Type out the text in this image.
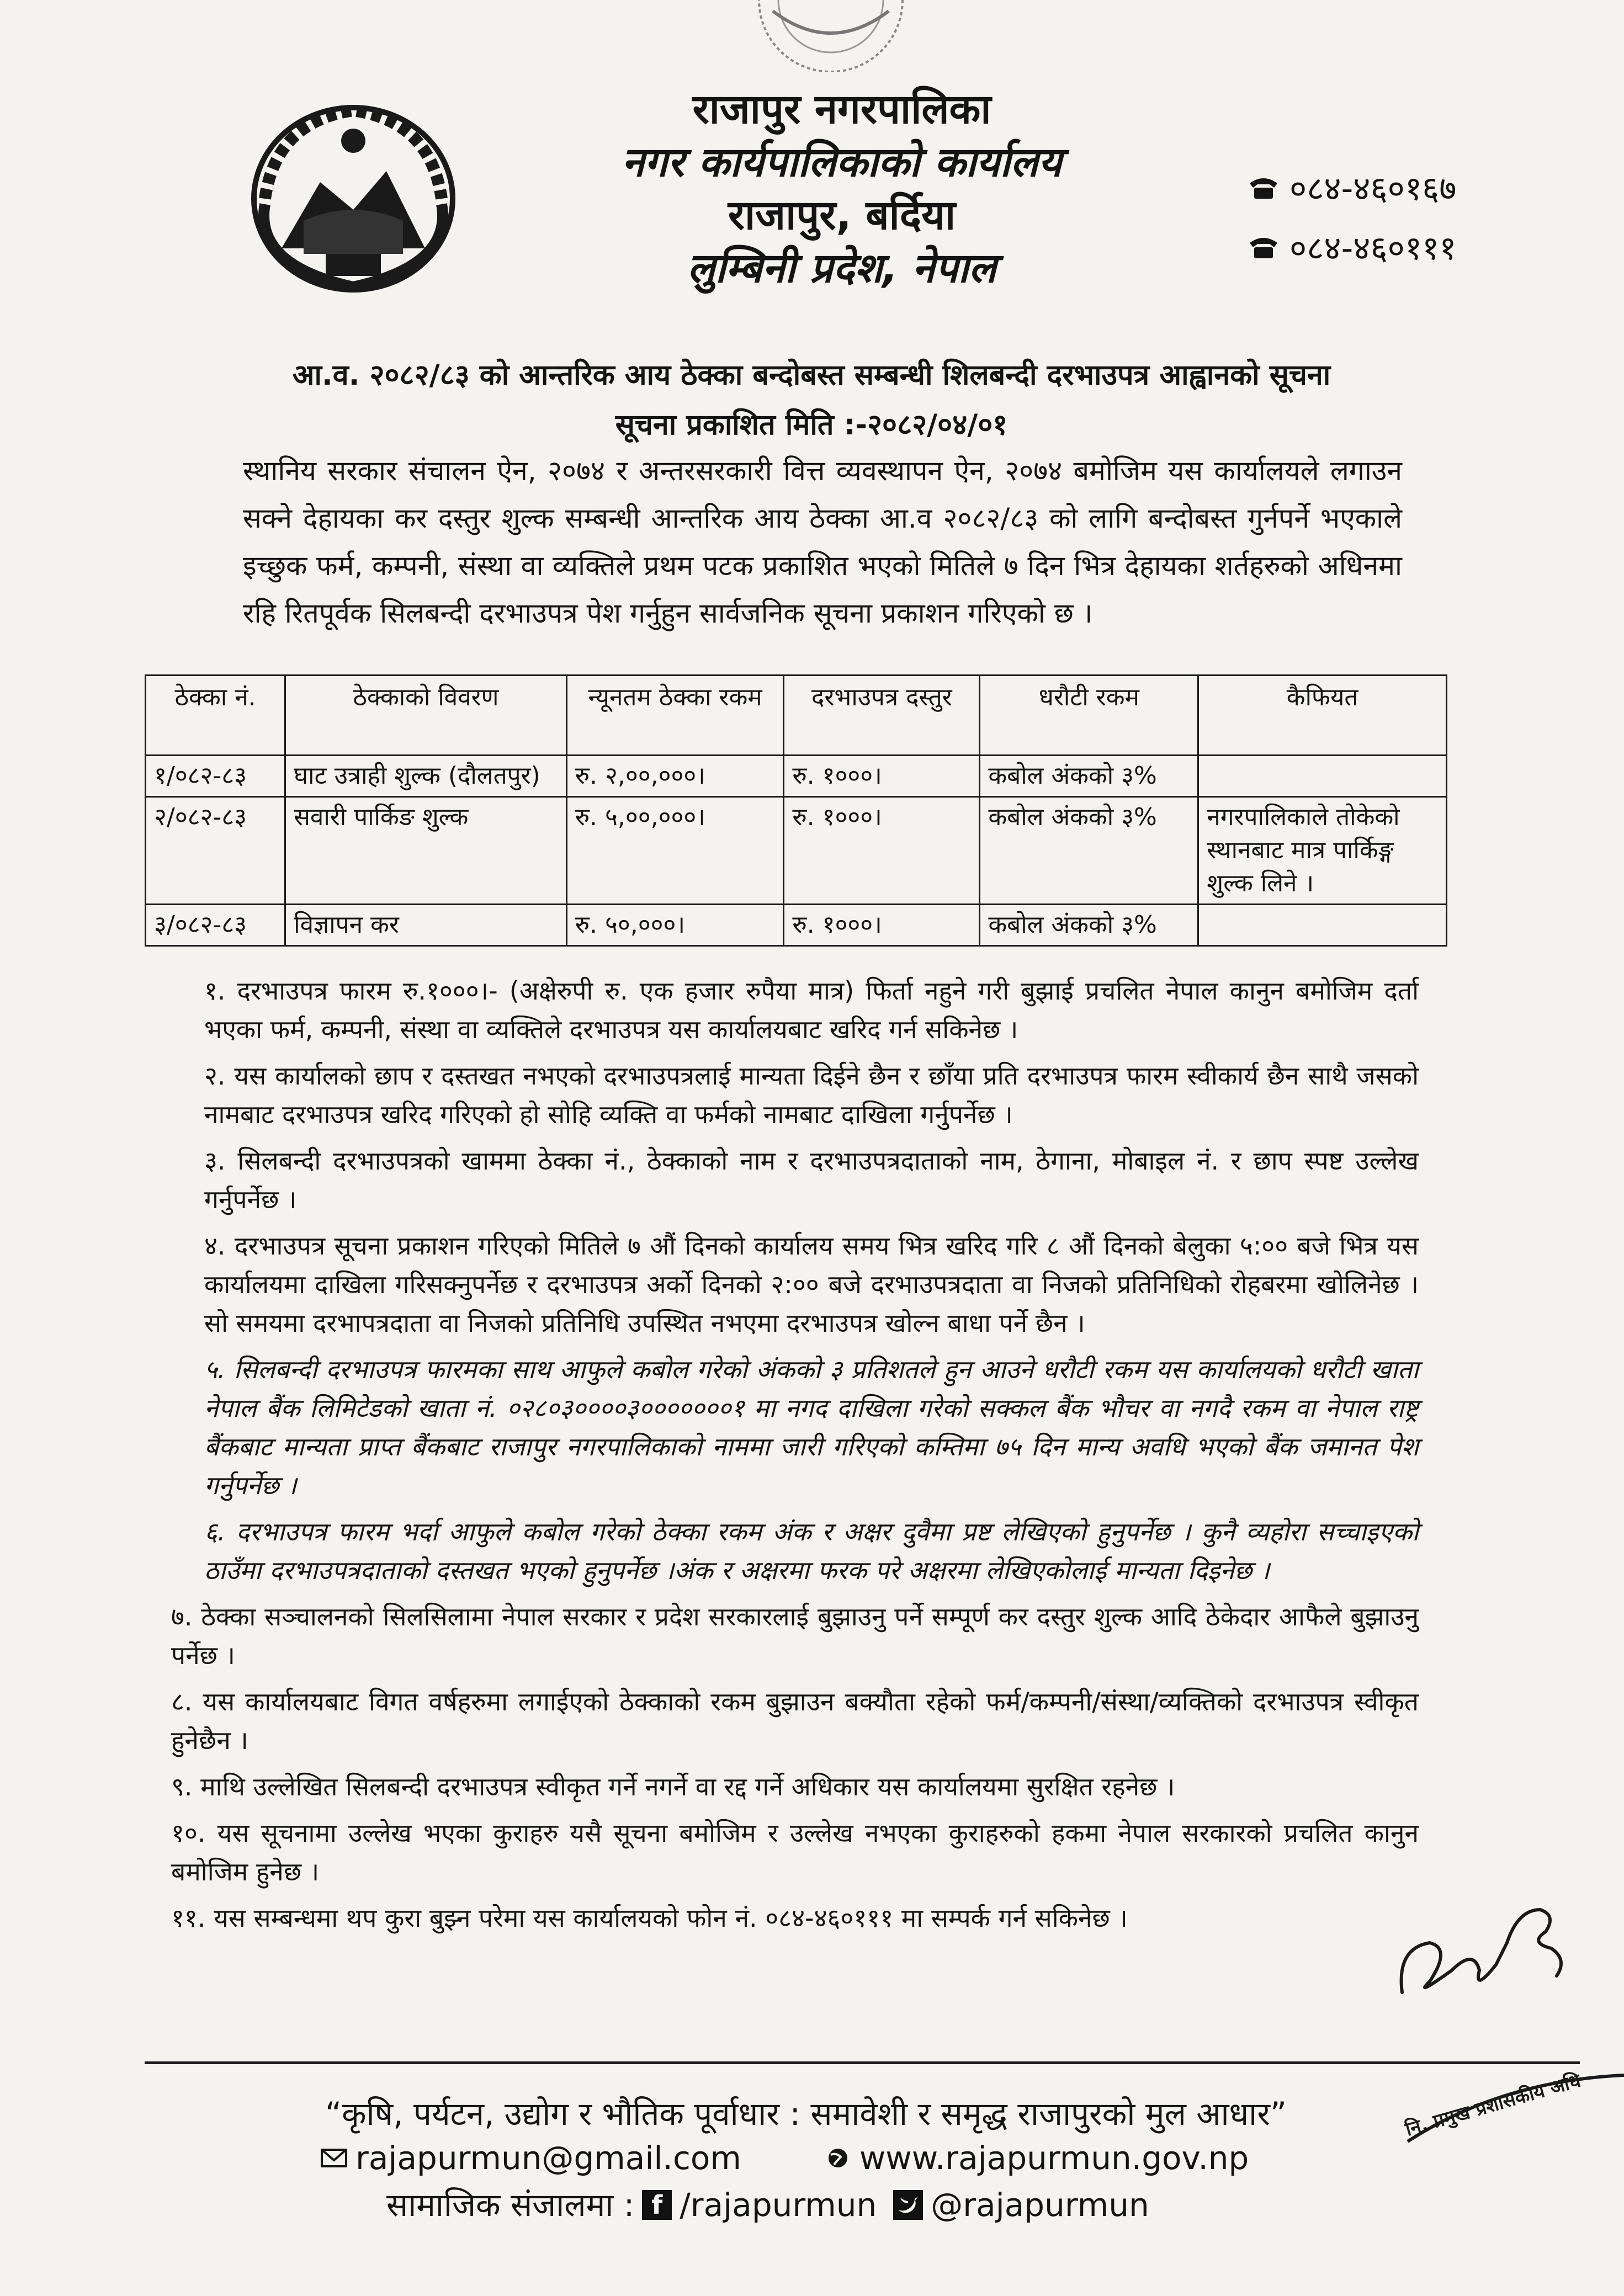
राजापुर नगरपालिका
नगर कार्यपालिकाको कार्यालय
राजापुर, बर्दिया
लुम्बिनी प्रदेश, नेपाल
०८४-४६०१६७
०८४-४६०१११
आ.व. २०८२/८३ को आन्तरिक आय ठेक्का बन्दोबस्त सम्बन्धी शिलबन्दी दरभाउपत्र आह्वानको सूचना
सूचना प्रकाशित मिति :-२०८२/०४/०१
स्थानिय सरकार संचालन ऐन, २०७४ र अन्तरसरकारी वित्त व्यवस्थापन ऐन, २०७४ बमोजिम यस कार्यालयले लगाउन सक्ने देहायका कर दस्तुर शुल्क सम्बन्धी आन्तरिक आय ठेक्का आ.व २०८२/८३ को लागि बन्दोबस्त गुर्नपर्ने भएकाले इच्छुक फर्म, कम्पनी, संस्था वा व्यक्तिले प्रथम पटक प्रकाशित भएको मितिले ७ दिन भित्र देहायका शर्तहरुको अधिनमा रहि रितपूर्वक सिलबन्दी दरभाउपत्र पेश गर्नुहुन सार्वजनिक सूचना प्रकाशन गरिएको छ ।
ठेक्का नं.	ठेक्काको विवरण	न्यूनतम ठेक्का रकम	दरभाउपत्र दस्तुर	धरौटी रकम	कैफियत
१/०८२-८३	घाट उत्राही शुल्क (दौलतपुर)	रु. २,००,०००।	रु. १०००।	कबोल अंकको ३%	
२/०८२-८३	सवारी पार्किङ शुल्क	रु. ५,००,०००।	रु. १०००।	कबोल अंकको ३%	नगरपालिकाले तोकेको स्थानबाट मात्र पार्किङ्ग शुल्क लिने ।
३/०८२-८३	विज्ञापन कर	रु. ५०,०००।	रु. १०००।	कबोल अंकको ३%	

१. दरभाउपत्र फारम रु.१०००।- (अक्षेरुपी रु. एक हजार रुपैया मात्र) फिर्ता नहुने गरी बुझाई प्रचलित नेपाल कानुन बमोजिम दर्ता भएका फर्म, कम्पनी, संस्था वा व्यक्तिले दरभाउपत्र यस कार्यालयबाट खरिद गर्न सकिनेछ ।

२. यस कार्यालको छाप र दस्तखत नभएको दरभाउपत्रलाई मान्यता दिईने छैन र छाँया प्रति दरभाउपत्र फारम स्वीकार्य छैन साथै जसको नामबाट दरभाउपत्र खरिद गरिएको हो सोहि व्यक्ति वा फर्मको नामबाट दाखिला गर्नुपर्नेछ ।

३. सिलबन्दी दरभाउपत्रको खाममा ठेक्का नं., ठेक्काको नाम र दरभाउपत्रदाताको नाम, ठेगाना, मोबाइल नं. र छाप स्पष्ट उल्लेख गर्नुपर्नेछ ।

४. दरभाउपत्र सूचना प्रकाशन गरिएको मितिले ७ औं दिनको कार्यालय समय भित्र खरिद गरि ८ औं दिनको बेलुका ५:०० बजे भित्र यस कार्यालयमा दाखिला गरिसक्नुपर्नेछ र दरभाउपत्र अर्को दिनको २:०० बजे दरभाउपत्रदाता वा निजको प्रतिनिधिको रोहबरमा खोलिनेछ । सो समयमा दरभापत्रदाता वा निजको प्रतिनिधि उपस्थित नभएमा दरभाउपत्र खोल्न बाधा पर्ने छैन ।

५. सिलबन्दी दरभाउपत्र फारमका साथ आफुले कबोल गरेको अंकको ३ प्रतिशतले हुन आउने धरौटी रकम यस कार्यालयको धरौटी खाता नेपाल बैंक लिमिटेडको खाता नं. ०२८०३००००३०००००००१ मा नगद दाखिला गरेको सक्कल बैंक भौचर वा नगदै रकम वा नेपाल राष्ट्र बैंकबाट मान्यता प्राप्त बैंकबाट राजापुर नगरपालिकाको नाममा जारी गरिएको कम्तिमा ७५ दिन मान्य अवधि भएको बैंक जमानत पेश गर्नुपर्नेछ ।

६. दरभाउपत्र फारम भर्दा आफुले कबोल गरेको ठेक्का रकम अंक र अक्षर दुवैमा प्रष्ट लेखिएको हुनुपर्नेछ । कुनै व्यहोरा सच्चाइएको ठाउँमा दरभाउपत्रदाताको दस्तखत भएको हुनुपर्नेछ ।अंक र अक्षरमा फरक परे अक्षरमा लेखिएकोलाई मान्यता दिइनेछ ।

७. ठेक्का सञ्चालनको सिलसिलामा नेपाल सरकार र प्रदेश सरकारलाई बुझाउनु पर्ने सम्पूर्ण कर दस्तुर शुल्क आदि ठेकेदार आफैले बुझाउनु पर्नेछ ।

८. यस कार्यालयबाट विगत वर्षहरुमा लगाईएको ठेक्काको रकम बुझाउन बक्यौता रहेको फर्म/कम्पनी/संस्था/व्यक्तिको दरभाउपत्र स्वीकृत हुनेछैन ।

९. माथि उल्लेखित सिलबन्दी दरभाउपत्र स्वीकृत गर्ने नगर्ने वा रद्द गर्ने अधिकार यस कार्यालयमा सुरक्षित रहनेछ ।

१०. यस सूचनामा उल्लेख भएका कुराहरु यसै सूचना बमोजिम र उल्लेख नभएका कुराहरुको हकमा नेपाल सरकारको प्रचलित कानुन बमोजिम हुनेछ ।

११. यस सम्बन्धमा थप कुरा बुझ्न परेमा यस कार्यालयको फोन नं. ०८४-४६०१११ मा सम्पर्क गर्न सकिनेछ ।

नि. प्रमुख प्रशासकीय अधि
“कृषि, पर्यटन, उद्योग र भौतिक पूर्वाधार : समावेशी र समृद्ध राजापुरको मुल आधार”
rajapurmun@gmail.com	www.rajapurmun.gov.np
सामाजिक संजालमा : f /rajapurmun @rajapurmun
